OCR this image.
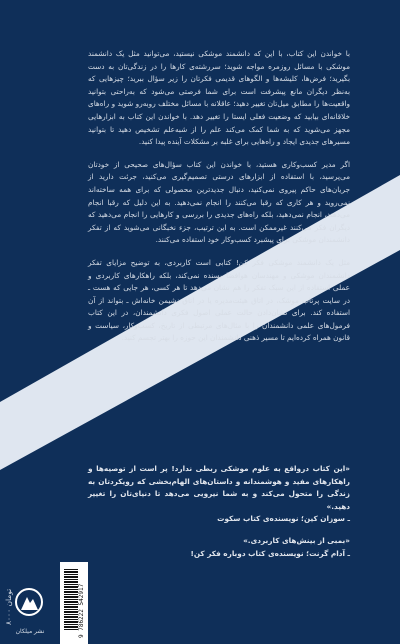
با خواندن این کتاب، با این که دانشمند موشکی نیستید، می‌توانید مثل یک دانشمند موشکی با مسائل روزمره مواجه شوید؛ سررشته‌ی کارها را در زندگی‌تان به دست بگیرید؛ فرض‌ها، کلیشه‌ها و الگوهای قدیمی فکرتان را زیر سؤال ببرید؛ چیزهایی که به‌نظر دیگران مانع پیشرفت است برای شما فرصتی می‌شود که به‌راحتی بتوانید واقعیت‌ها را مطابق میل‌تان تغییر دهید؛ عاقلانه با مسائل مختلف روبه‌رو شوید و راه‌های خلاقانه‌ای بیابید که وضعیت فعلی ایستا را تغییر دهد. با خواندن این کتاب به ابزارهایی مجهز می‌شوید که به شما کمک می‌کند علم را از شبه‌علم تشخیص دهید تا بتوانید مسیرهای جدیدی ایجاد و راه‌هایی برای غلبه بر مشکلات آینده پیدا کنید.

اگر مدیر کسب‌وکاری هستید، با خواندن این کتاب سؤال‌های صحیحی از خودتان می‌پرسید، با استفاده از ابزارهای درستی تصمیم‌گیری می‌کنید، جرئت دارید از جریان‌های حاکم پیروی نمی‌کنید، دنبال جدیدترین محصولی که برای همه ساخته‌اند نمی‌روید و هر کاری که رقبا می‌کنند را انجام نمی‌دهید. به این دلیل که رقبا انجام می‌دهند، انجام نمی‌دهید، بلکه راه‌های جدیدی را بررسی و کارهایی را انجام می‌دهید که دیگران فکر می‌کنند غیرممکن است. به این ترتیب، جزء نخبگانی می‌شوید که از تفکر دانشمندان موشکی برای پیشبرد کسب‌وکار خود استفاده می‌کنند.

مثل یک دانشمند موشکی فکر کن! کتابی است کاربردی، به توضیح مزایای تفکر دانشمندان موشکی و مهندسان هوافضا بسنده نمی‌کند، بلکه راهکارهای کاربردی و عملی استفاده از این سبک تفکر را هم نشان می‌دهد تا هر کسی، هر جایی که هست ـ در سایت پرتاب موشک، در اتاق هیئت‌مدیره یا در اتاق نشیمن خانه‌اش ـ بتواند از آن استفاده کند. برای نشان‌دادن حالت عملی اصول فکری دانشمندان، در این کتاب فرمول‌های علمی دانشمندان را با مثال‌های مرتبطی از تاریخ، کسب‌وکار، سیاست و قانون همراه کرده‌ایم تا مسیر ذهنی دانشمندان این حوزه را بهتر تجسم کنید.

«این کتاب درواقع به علوم موشکی ربطی ندارد! پر است از توصیه‌ها و راهکارهای مفید و هوشمندانه و داستان‌های الهام‌بخشی که رویکردتان به زندگی را متحول می‌کند و به شما نیرویی می‌دهد تا دنیای‌تان را تغییر دهید.»
ـ سوزان کین؛ نویسنده‌ی کتاب سکوت

«بمبی از بینش‌های کاربردی.»
ـ آدام گرنت؛ نویسنده‌ی کتاب دوباره فکر کن!

9 786222 542917
۸۰۰۰ تومان
نشر میلکان
